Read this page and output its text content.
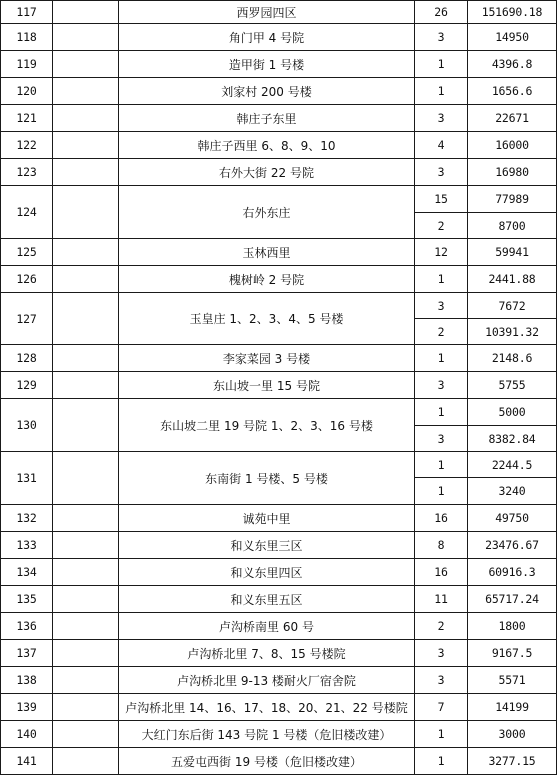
117		西罗园四区	26	151690.18
118		角门甲 4 号院	3	14950
119		造甲街 1 号楼	1	4396.8
120		刘家村 200 号楼	1	1656.6
121		韩庄子东里	3	22671
122		韩庄子西里 6、8、9、10	4	16000
123		右外大街 22 号院	3	16980
124		右外东庄	15	77989
			2	8700
125		玉林西里	12	59941
126		槐树岭 2 号院	1	2441.88
127		玉皇庄 1、2、3、4、5 号楼	3	7672
			2	10391.32
128		李家菜园 3 号楼	1	2148.6
129		东山坡一里 15 号院	3	5755
130		东山坡二里 19 号院 1、2、3、16 号楼	1	5000
			3	8382.84
131		东南街 1 号楼、5 号楼	1	2244.5
			1	3240
132		诚苑中里	16	49750
133		和义东里三区	8	23476.67
134		和义东里四区	16	60916.3
135		和义东里五区	11	65717.24
136		卢沟桥南里 60 号	2	1800
137		卢沟桥北里 7、8、15 号楼院	3	9167.5
138		卢沟桥北里 9-13 楼耐火厂宿舍院	3	5571
139		卢沟桥北里 14、16、17、18、20、21、22 号楼院	7	14199
140		大红门东后街 143 号院 1 号楼（危旧楼改建）	1	3000
141		五爱屯西街 19 号楼（危旧楼改建）	1	3277.15
